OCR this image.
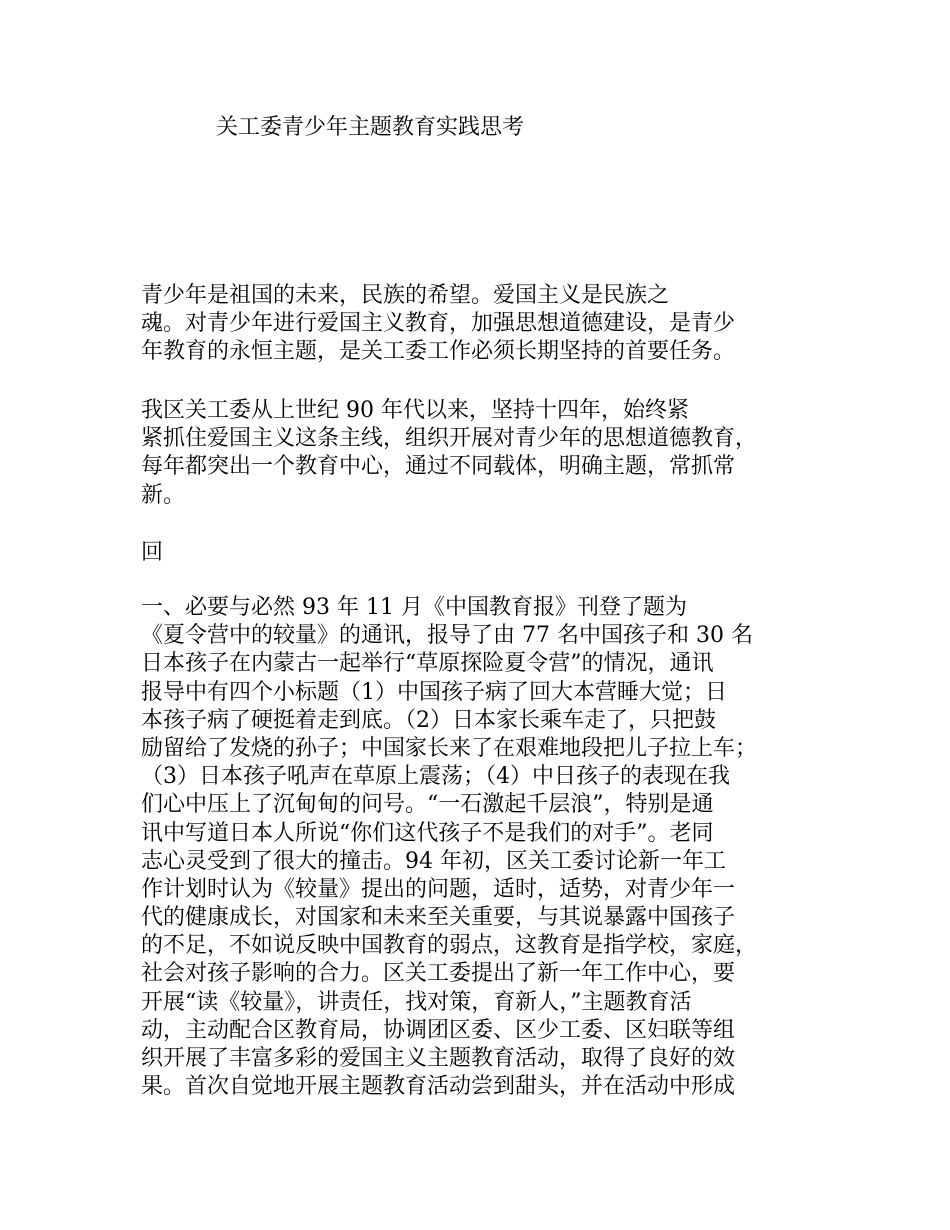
关工委青少年主题教育实践思考
青少年是祖国的未来，民族的希望。爱国主义是民族之
魂。对青少年进行爱国主义教育，加强思想道德建设，是青少
年教育的永恒主题，是关工委工作必须长期坚持的首要任务。
我区关工委从上世纪 90 年代以来，坚持十四年，始终紧
紧抓住爱国主义这条主线，组织开展对青少年的思想道德教育，
每年都突出一个教育中心，通过不同载体，明确主题，常抓常
新。
回
一、必要与必然 93 年 11 月《中国教育报》刊登了题为
《夏令营中的较量》的通讯，报导了由 77 名中国孩子和 30 名
日本孩子在内蒙古一起举行“草原探险夏令营”的情况，通讯
报导中有四个小标题（1）中国孩子病了回大本营睡大觉；日
本孩子病了硬挺着走到底。（2）日本家长乘车走了，只把鼓
励留给了发烧的孙子；中国家长来了在艰难地段把儿子拉上车；
（3）日本孩子吼声在草原上震荡；（4）中日孩子的表现在我
们心中压上了沉甸甸的问号。“一石激起千层浪”，特别是通
讯中写道日本人所说“你们这代孩子不是我们的对手”。老同
志心灵受到了很大的撞击。94 年初，区关工委讨论新一年工
作计划时认为《较量》提出的问题，适时，适势，对青少年一
代的健康成长，对国家和未来至关重要，与其说暴露中国孩子
的不足，不如说反映中国教育的弱点，这教育是指学校，家庭，
社会对孩子影响的合力。区关工委提出了新一年工作中心，要
开展“读《较量》，讲责任，找对策，育新人，”主题教育活
动，主动配合区教育局，协调团区委、区少工委、区妇联等组
织开展了丰富多彩的爱国主义主题教育活动，取得了良好的效
果。首次自觉地开展主题教育活动尝到甜头，并在活动中形成
